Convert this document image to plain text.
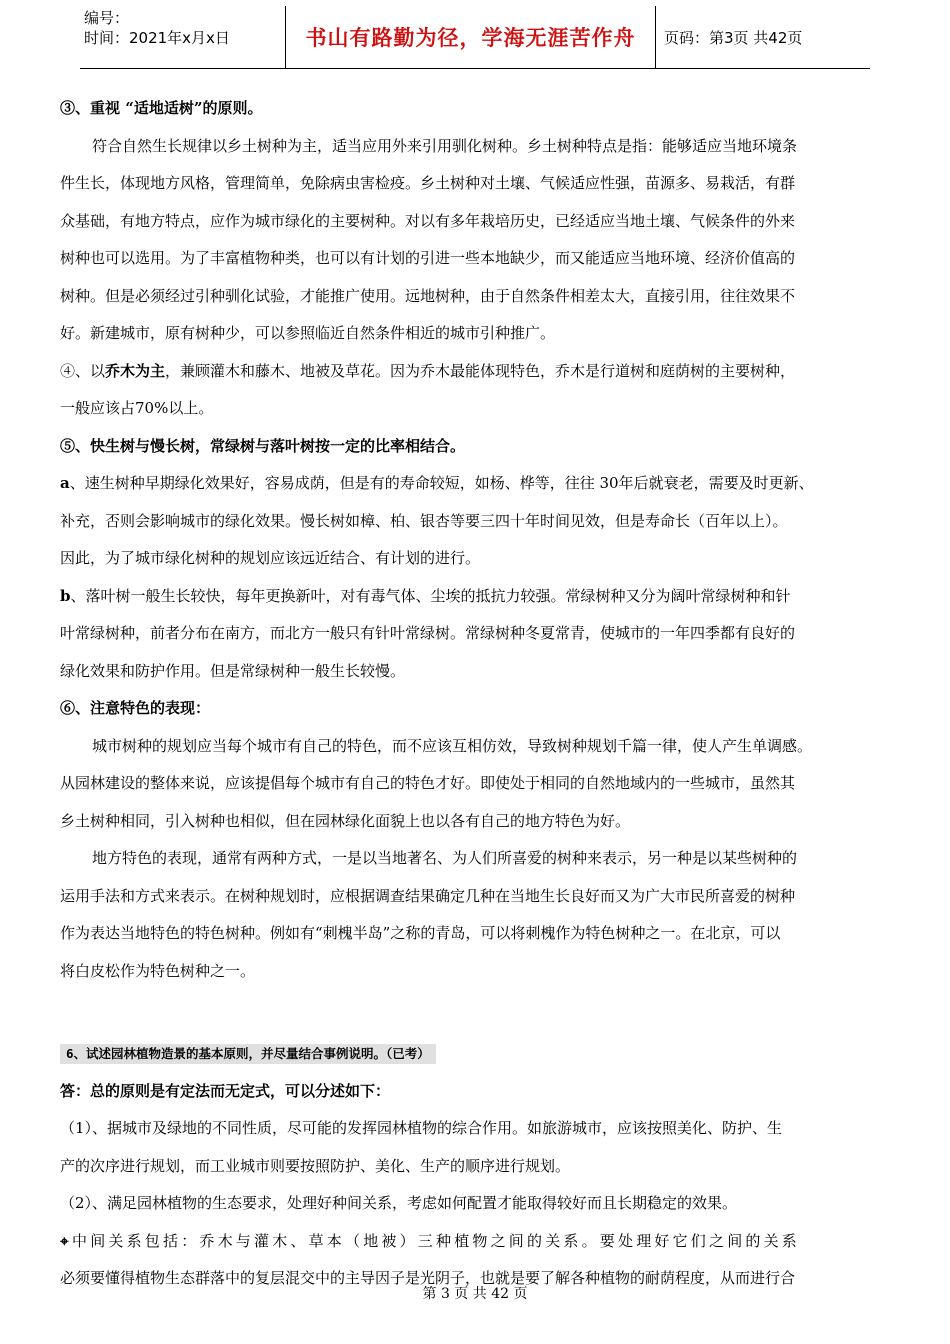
编号：
时间：2021年x月x日	书山有路勤为径，学海无涯苦作舟	页码：第3页 共42页
③、重视 “适地适树”的原则。
符合自然生长规律以乡土树种为主，适当应用外来引用驯化树种。乡土树种特点是指：能够适应当地环境条
件生长，体现地方风格，管理简单，免除病虫害检疫。乡土树种对土壤、气候适应性强，苗源多、易栽活，有群
众基础，有地方特点，应作为城市绿化的主要树种。对以有多年栽培历史，已经适应当地土壤、气候条件的外来
树种也可以选用。为了丰富植物种类，也可以有计划的引进一些本地缺少，而又能适应当地环境、经济价值高的
树种。但是必须经过引种驯化试验，才能推广使用。远地树种，由于自然条件相差太大，直接引用，往往效果不
好。新建城市，原有树种少，可以参照临近自然条件相近的城市引种推广。
④、以乔木为主，兼顾灌木和藤木、地被及草花。因为乔木最能体现特色，乔木是行道树和庭荫树的主要树种，
一般应该占70%以上。
⑤、快生树与慢长树，常绿树与落叶树按一定的比率相结合。
a、速生树种早期绿化效果好，容易成荫，但是有的寿命较短，如杨、桦等，往往 30年后就衰老，需要及时更新、
补充，否则会影响城市的绿化效果。慢长树如樟、柏、银杏等要三四十年时间见效，但是寿命长（百年以上）。
因此，为了城市绿化树种的规划应该远近结合、有计划的进行。
b、落叶树一般生长较快，每年更换新叶，对有毒气体、尘埃的抵抗力较强。常绿树种又分为阔叶常绿树种和针
叶常绿树种，前者分布在南方，而北方一般只有针叶常绿树。常绿树种冬夏常青，使城市的一年四季都有良好的
绿化效果和防护作用。但是常绿树种一般生长较慢。
⑥、注意特色的表现：
城市树种的规划应当每个城市有自己的特色，而不应该互相仿效，导致树种规划千篇一律，使人产生单调感。
从园林建设的整体来说，应该提倡每个城市有自己的特色才好。即使处于相同的自然地域内的一些城市，虽然其
乡土树种相同，引入树种也相似，但在园林绿化面貌上也以各有自己的地方特色为好。
地方特色的表现，通常有两种方式，一是以当地著名、为人们所喜爱的树种来表示，另一种是以某些树种的
运用手法和方式来表示。在树种规划时，应根据调查结果确定几种在当地生长良好而又为广大市民所喜爱的树种
作为表达当地特色的特色树种。例如有“刺槐半岛”之称的青岛，可以将刺槐作为特色树种之一。在北京，可以
将白皮松作为特色树种之一。
6、试述园林植物造景的基本原则，并尽量结合事例说明。（已考）
答：总的原则是有定法而无定式，可以分述如下：
（1）、据城市及绿地的不同性质，尽可能的发挥园林植物的综合作用。如旅游城市，应该按照美化、防护、生
产的次序进行规划，而工业城市则要按照防护、美化、生产的顺序进行规划。
（2）、满足园林植物的生态要求，处理好种间关系，考虑如何配置才能取得较好而且长期稳定的效果。
⌖中间关系包括：乔木与灌木、草本（地被）三种植物之间的关系。要处理好它们之间的关系
必须要懂得植物生态群落中的复层混交中的主导因子是光阴子，也就是要了解各种植物的耐荫程度，从而进行合
第 3 页 共 42 页
